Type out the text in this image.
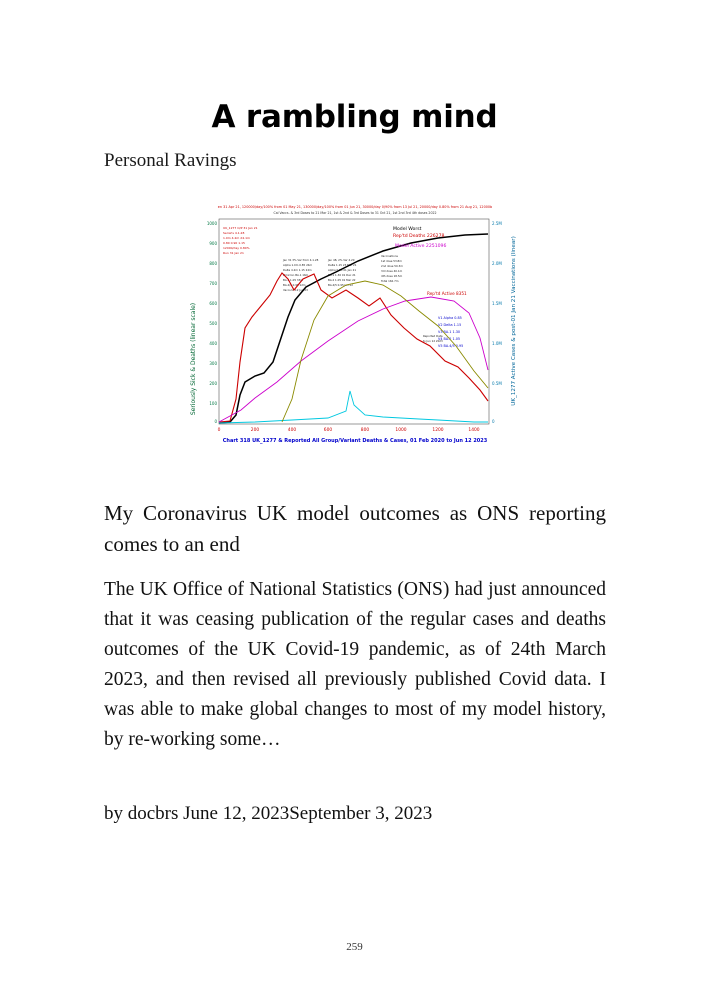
A rambling mind
Personal Ravings
en 31 Apr 21, 120000/day/100% from 01 May 21, 130000/day/100% from 01 Jun 21, 30000/day 0/90% from 13 Jul 21, 20000/day 0.80% from 21 Aug 21, 12000b
Cal Vaccs. & 3rd Doses to 21 Mar 21, 1st & 2nd & 3rd Doses to 31 Oct 21, 1st 2nd 3rd 4th doses 2022
Seriously Sick & Deaths (linear scale)	UK_1277 Active Cases & post-01 Jan 21 Vaccinations (linear)
1000
900
800
700
600
500
400
300
200
100
0
2.5M
2.0M
1.5M
1.0M
0.5M
0
0	200	400	600	800	1000	1200	1400
UK_1277 O/P 31 Jan 21
Serial's 4.1.28
1.0m 4.2m 24.1m
0.80 0.90 1.15
12000/day 0.80%
Run 31 Jan 21
Jan 31 3% Var from 4.1.28
Alpha 1.0m 0.85 24m
Delta 4.2m 1.15 24m
Omicron BA.1 16m
BA.2 1.05 33m
BA.4/5 0.95 12m
Vaccs to 12 Jun 23
Jan 48, 2% Var 4.20
Delta 1.15 23 Mar 21
Alpha 0.85 01 Jan 21
BA.1 1.30 01 Dec 21
BA.2 1.05 01 Mar 22
BA.4/5 0.95 Jun 22
Vaccinations
1st dose 53.8m
2nd dose 50.3m
3rd dose 40.1m
4th dose 18.5m
Total 162.7m
Reported Data
to Jun 12 2023
V1 Alpha 0.85
V2 Delta 1.15
V3 BA.1 1.30
V4 BA.2 1.05
V5 BA.4/5 0.95
Model Worst
Rep'td Deaths 226278
Model Active 2251096
Rep'td Active 8351
Chart 318 UK_1277 & Reported All Group/Variant Deaths & Cases, 01 Feb 2020 to Jun 12 2023
My Coronavirus UK model outcomes as ONS reporting comes to an end
The UK Office of National Statistics (ONS) had just announced that it was ceasing publication of the regular cases and deaths outcomes of the UK Covid-19 pandemic, as of 24th March 2023, and then revised all previously published Covid data. I was able to make global changes to most of my model history, by re-working some…
by docbrs June 12, 2023September 3, 2023
259
